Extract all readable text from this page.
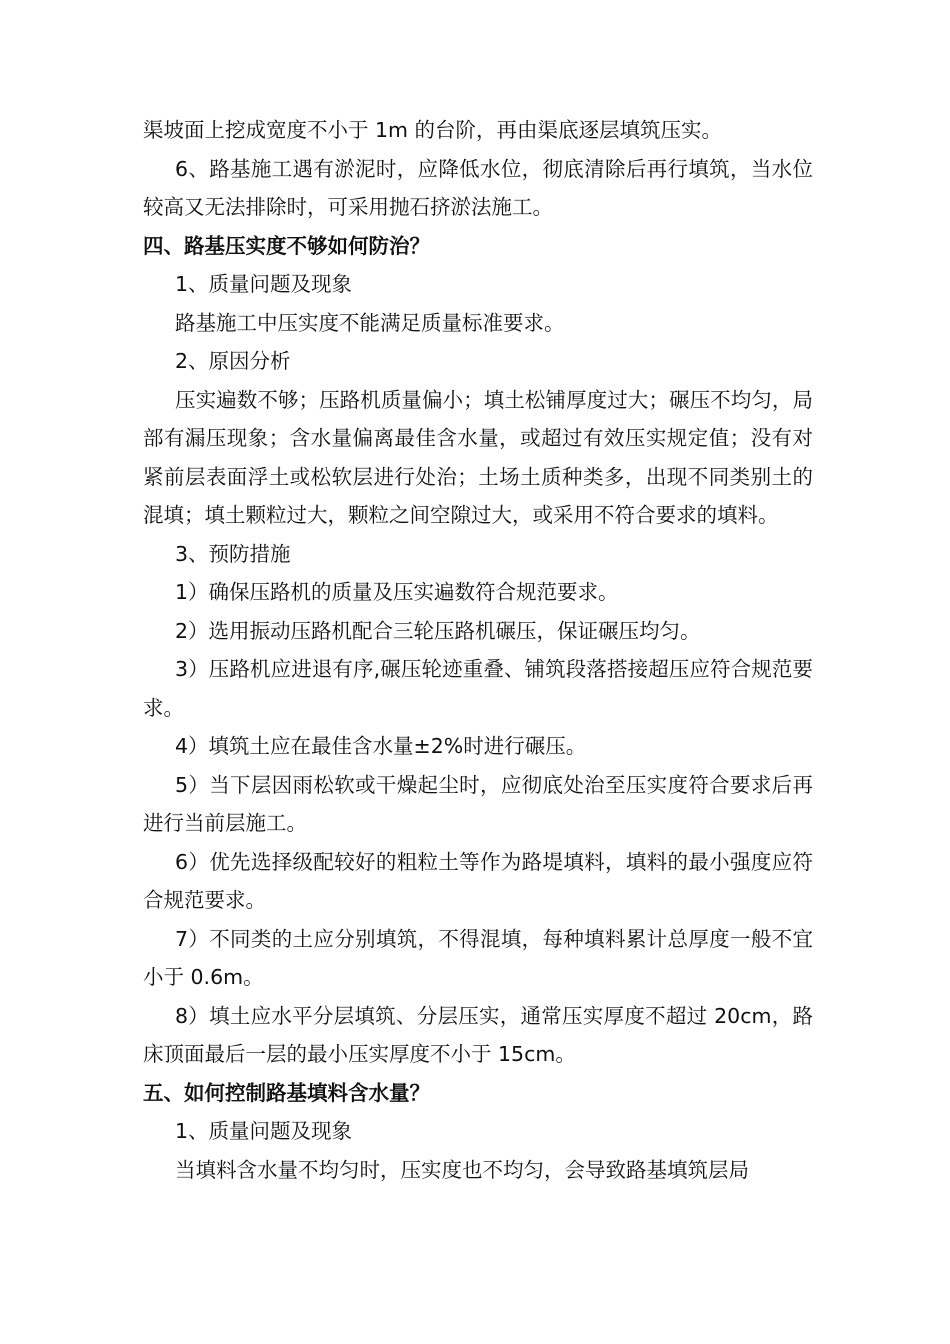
渠坡面上挖成宽度不小于 1m 的台阶，再由渠底逐层填筑压实。

6、路基施工遇有淤泥时，应降低水位，彻底清除后再行填筑，当水位较高又无法排除时，可采用抛石挤淤法施工。

四、路基压实度不够如何防治？

1、质量问题及现象

路基施工中压实度不能满足质量标准要求。

2、原因分析

压实遍数不够；压路机质量偏小；填土松铺厚度过大；碾压不均匀，局部有漏压现象；含水量偏离最佳含水量，或超过有效压实规定值；没有对紧前层表面浮土或松软层进行处治；土场土质种类多，出现不同类别土的混填；填土颗粒过大，颗粒之间空隙过大，或采用不符合要求的填料。

3、预防措施

1）确保压路机的质量及压实遍数符合规范要求。

2）选用振动压路机配合三轮压路机碾压，保证碾压均匀。

3）压路机应进退有序,碾压轮迹重叠、铺筑段落搭接超压应符合规范要求。

4）填筑土应在最佳含水量±2%时进行碾压。

5）当下层因雨松软或干燥起尘时，应彻底处治至压实度符合要求后再进行当前层施工。

6）优先选择级配较好的粗粒土等作为路堤填料，填料的最小强度应符合规范要求。

7）不同类的土应分别填筑，不得混填，每种填料累计总厚度一般不宜小于 0.6m。

8）填土应水平分层填筑、分层压实，通常压实厚度不超过 20cm，路床顶面最后一层的最小压实厚度不小于 15cm。

五、如何控制路基填料含水量？

1、质量问题及现象

当填料含水量不均匀时，压实度也不均匀，会导致路基填筑层局
